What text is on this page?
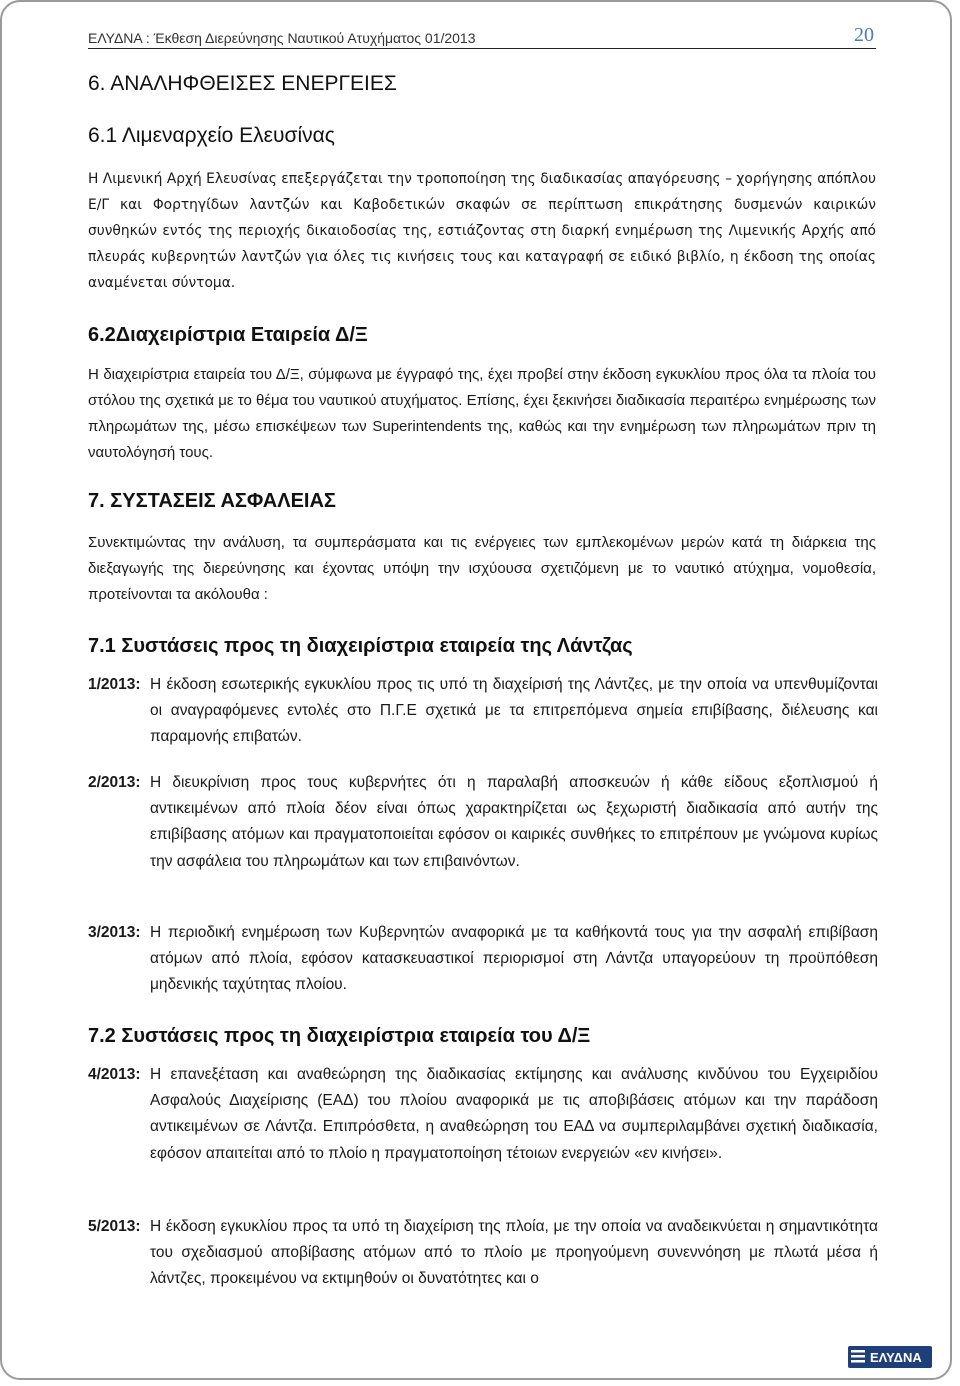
ΕΛΥΔΝΑ : Έκθεση Διερεύνησης Ναυτικού Ατυχήματος 01/2013	20
6. ΑΝΑΛΗΦΘΕΙΣΕΣ ΕΝΕΡΓΕΙΕΣ
6.1 Λιμεναρχείο Ελευσίνας
Η Λιμενική Αρχή Ελευσίνας επεξεργάζεται την τροποποίηση της διαδικασίας απαγόρευσης – χορήγησης απόπλου Ε/Γ και Φορτηγίδων λαντζών και Καβοδετικών σκαφών σε περίπτωση επικράτησης δυσμενών καιρικών συνθηκών εντός της περιοχής δικαιοδοσίας της, εστιάζοντας στη διαρκή ενημέρωση της Λιμενικής Αρχής από πλευράς κυβερνητών λαντζών για όλες τις κινήσεις τους και καταγραφή σε ειδικό βιβλίο, η έκδοση της οποίας αναμένεται σύντομα.
6.2Διαχειρίστρια Εταιρεία Δ/Ξ
Η διαχειρίστρια εταιρεία του Δ/Ξ, σύμφωνα με έγγραφό της, έχει προβεί στην έκδοση εγκυκλίου προς όλα τα πλοία του στόλου της σχετικά με το θέμα του ναυτικού ατυχήματος. Επίσης, έχει ξεκινήσει διαδικασία περαιτέρω ενημέρωσης των πληρωμάτων της, μέσω επισκέψεων των Superintendents της, καθώς και την ενημέρωση των πληρωμάτων πριν τη ναυτολόγησή τους.
7. ΣΥΣΤΑΣΕΙΣ ΑΣΦΑΛΕΙΑΣ
Συνεκτιμώντας την ανάλυση, τα συμπεράσματα και τις ενέργειες των εμπλεκομένων μερών κατά τη διάρκεια της διεξαγωγής της διερεύνησης και έχοντας υπόψη την ισχύουσα σχετιζόμενη με το ναυτικό ατύχημα, νομοθεσία, προτείνονται τα ακόλουθα :
7.1 Συστάσεις προς τη διαχειρίστρια εταιρεία της Λάντζας
1/2013: Η έκδοση εσωτερικής εγκυκλίου προς τις υπό τη διαχείρισή της Λάντζες, με την οποία να υπενθυμίζονται οι αναγραφόμενες εντολές στο Π.Γ.Ε σχετικά με τα επιτρεπόμενα σημεία επιβίβασης, διέλευσης και παραμονής επιβατών.
2/2013: Η διευκρίνιση προς τους κυβερνήτες ότι η παραλαβή αποσκευών ή κάθε είδους εξοπλισμού ή αντικειμένων από πλοία δέον είναι όπως χαρακτηρίζεται ως ξεχωριστή διαδικασία από αυτήν της επιβίβασης ατόμων και πραγματοποιείται εφόσον οι καιρικές συνθήκες το επιτρέπουν με γνώμονα κυρίως την ασφάλεια του πληρωμάτων και των επιβαινόντων.
3/2013: Η περιοδική ενημέρωση των Κυβερνητών αναφορικά με τα καθήκοντά τους για την ασφαλή επιβίβαση ατόμων από πλοία, εφόσον κατασκευαστικοί περιορισμοί στη Λάντζα υπαγορεύουν τη προϋπόθεση μηδενικής ταχύτητας πλοίου.
7.2 Συστάσεις προς τη διαχειρίστρια εταιρεία του Δ/Ξ
4/2013: Η επανεξέταση και αναθεώρηση της διαδικασίας εκτίμησης και ανάλυσης κινδύνου του Εγχειριδίου Ασφαλούς Διαχείρισης (ΕΑΔ) του πλοίου αναφορικά με τις αποβιβάσεις ατόμων και την παράδοση αντικειμένων σε Λάντζα. Επιπρόσθετα, η αναθεώρηση του ΕΑΔ να συμπεριλαμβάνει σχετική διαδικασία, εφόσον απαιτείται από το πλοίο η πραγματοποίηση τέτοιων ενεργειών «εν κινήσει».
5/2013: Η έκδοση εγκυκλίου προς τα υπό τη διαχείριση της πλοία, με την οποία να αναδεικνύεται η σημαντικότητα του σχεδιασμού αποβίβασης ατόμων από το πλοίο με προηγούμενη συνεννόηση με πλωτά μέσα ή λάντζες, προκειμένου να εκτιμηθούν οι δυνατότητες και ο
ΕΛΥΔΝΑ
